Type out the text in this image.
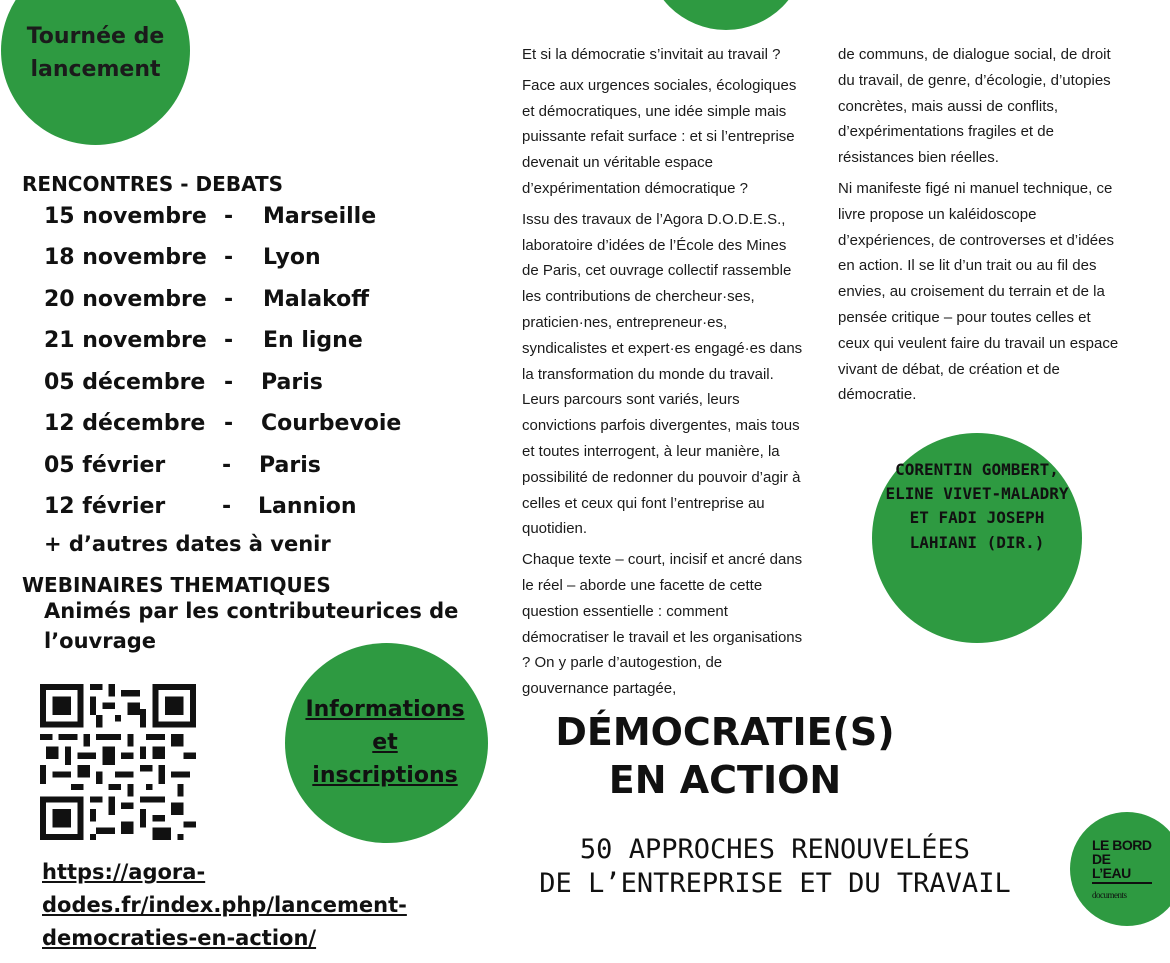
Tournée de lancement
RENCONTRES - DEBATS
15 novembre - Marseille
18 novembre - Lyon
20 novembre - Malakoff
21 novembre - En ligne
05 décembre - Paris
12 décembre - Courbevoie
05 février	- Paris
12 février	- Lannion
+ d’autres dates à venir
WEBINAIRES THEMATIQUES
Animés par les contributeurices de l’ouvrage
Informations et inscriptions
https://agora-dodes.fr/index.php/lancement-democraties-en-action/

Et si la démocratie s’invitait au travail ?

Face aux urgences sociales, écologiques et démocratiques, une idée simple mais puissante refait surface : et si l’entreprise devenait un véritable espace d’expérimentation démocratique ?

Issu des travaux de l’Agora D.O.D.E.S., laboratoire d’idées de l’École des Mines de Paris, cet ouvrage collectif rassemble les contributions de chercheur·ses, praticien·nes, entrepreneur·es, syndicalistes et expert·es engagé·es dans la transformation du monde du travail. Leurs parcours sont variés, leurs convictions parfois divergentes, mais tous et toutes interrogent, à leur manière, la possibilité de redonner du pouvoir d’agir à celles et ceux qui font l’entreprise au quotidien.

Chaque texte – court, incisif et ancré dans le réel – aborde une facette de cette question essentielle : comment démocratiser le travail et les organisations ? On y parle d’autogestion, de gouvernance partagée,

de communs, de dialogue social, de droit du travail, de genre, d’écologie, d’utopies concrètes, mais aussi de conflits, d’expérimentations fragiles et de résistances bien réelles.

Ni manifeste figé ni manuel technique, ce livre propose un kaléidoscope d’expériences, de controverses et d’idées en action. Il se lit d’un trait ou au fil des envies, au croisement du terrain et de la pensée critique – pour toutes celles et ceux qui veulent faire du travail un espace vivant de débat, de création et de démocratie.

CORENTIN GOMBERT, ELINE VIVET-MALADRY ET FADI JOSEPH LAHIANI (DIR.)
DÉMOCRATIE(S)
EN ACTION
50 APPROCHES RENOUVELÉES
DE L’ENTREPRISE ET DU TRAVAIL
LE BORD
DE L’EAU
documents
